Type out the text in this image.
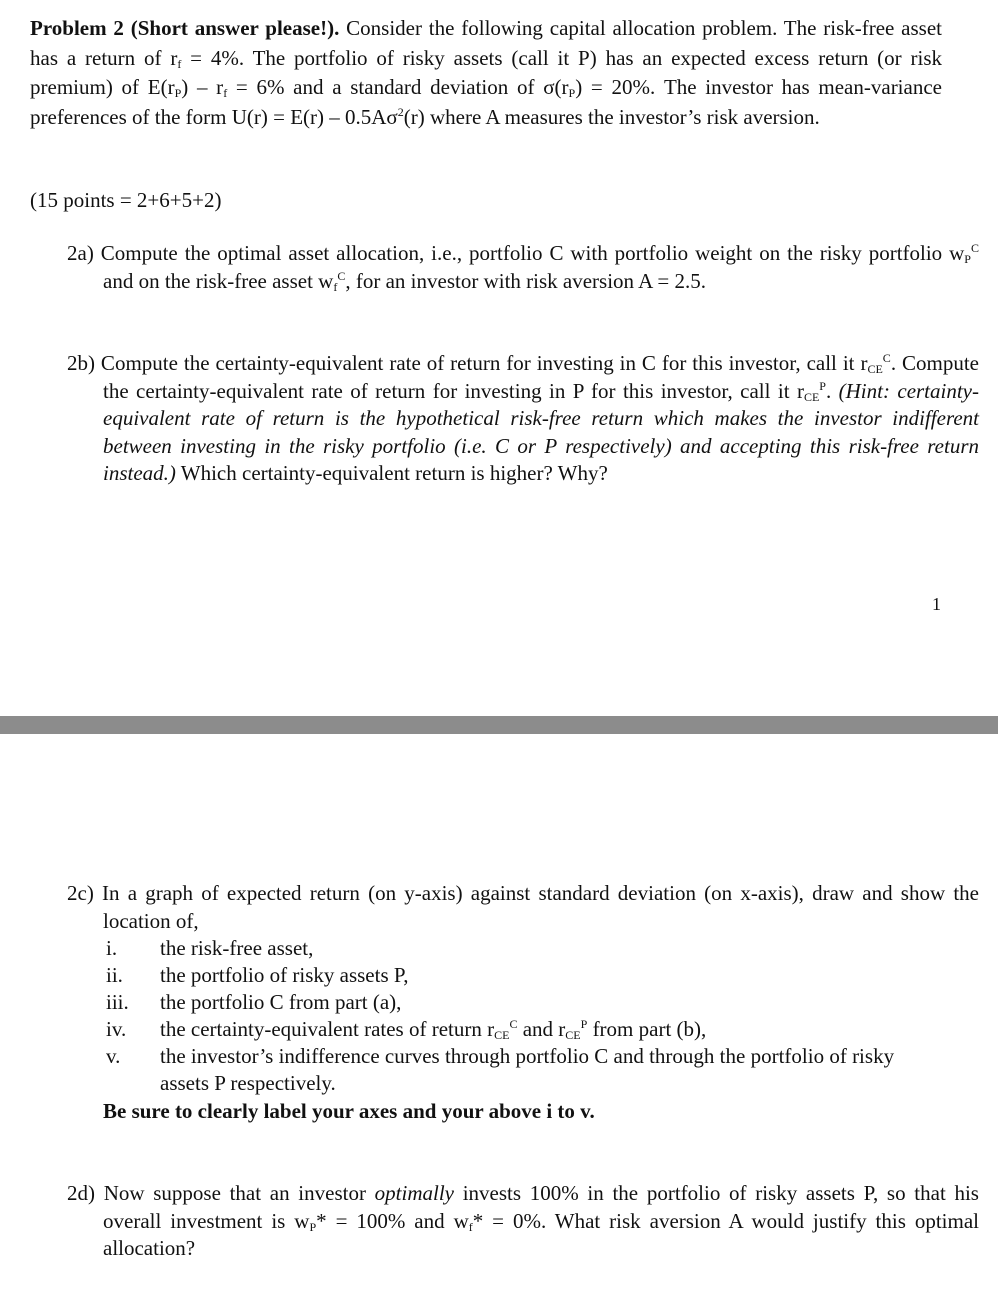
Problem 2 (Short answer please!). Consider the following capital allocation problem. The risk-free asset has a return of $r_f = 4\%$. The portfolio of risky assets (call it P) has an expected excess return (or risk premium) of $E(r_P) - r_f = 6\%$ and a standard deviation of $\sigma(r_P) = 20\%$. The investor has mean-variance preferences of the form $U(r) = E(r) - 0.5A\sigma^2(r)$ where A measures the investor’s risk aversion.
(15 points = 2+6+5+2)
2a) Compute the optimal asset allocation, i.e., portfolio C with portfolio weight on the risky portfolio $w_P^C$ and on the risk-free asset $w_f^C$, for an investor with risk aversion A = 2.5.
2b) Compute the certainty-equivalent rate of return for investing in C for this investor, call it $r_{CE}^C$. Compute the certainty-equivalent rate of return for investing in P for this investor, call it $r_{CE}^P$. (Hint: certainty-equivalent rate of return is the hypothetical risk-free return which makes the investor indifferent between investing in the risky portfolio (i.e. C or P respectively) and accepting this risk-free return instead.) Which certainty-equivalent return is higher? Why?
1
2c) In a graph of expected return (on y-axis) against standard deviation (on x-axis), draw and show the location of,
i.	the risk-free asset,
ii.	the portfolio of risky assets P,
iii.	the portfolio C from part (a),
iv.	the certainty-equivalent rates of return $r_{CE}^C$ and $r_{CE}^P$ from part (b),
v.	the investor’s indifference curves through portfolio C and through the portfolio of risky assets P respectively.
Be sure to clearly label your axes and your above i to v.
2d) Now suppose that an investor optimally invests 100% in the portfolio of risky assets P, so that his overall investment is $w_P* = 100\%$ and $w_f* = 0\%$. What risk aversion A would justify this optimal allocation?
